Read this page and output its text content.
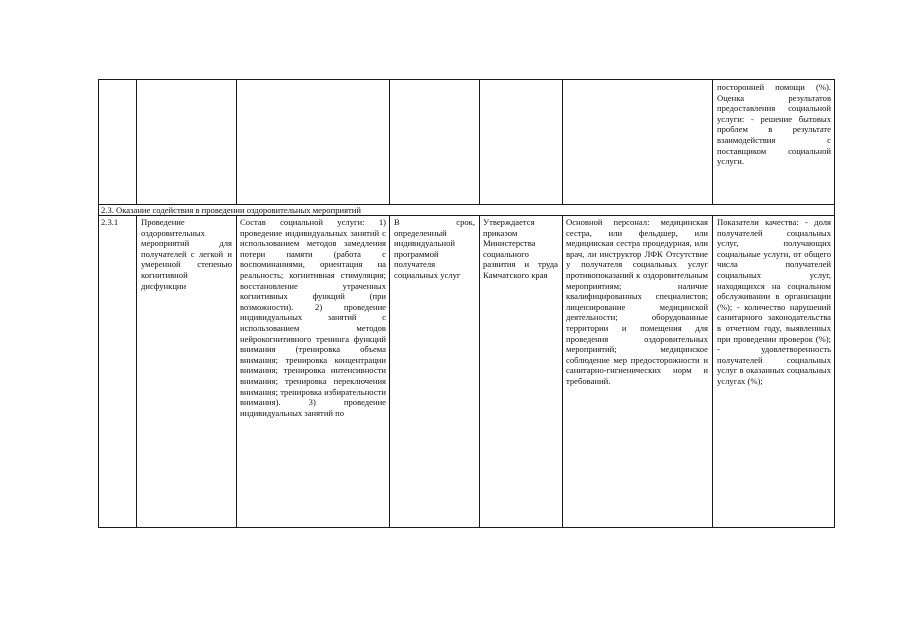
посторонней помощи (%). Оценка результатов предоставления социальной услуги: - решение бытовых проблем в результате взаимодействия с поставщиком социальной услуги.
2.3. Оказание содействия в проведении оздоровительных мероприятий
2.3.1	Проведение оздоровительных мероприятий для получателей с легкой и умеренной степенью когнитивной дисфункции
Состав социальной услуги: 1) проведение индивидуальных занятий с использованием методов замедления потери памяти (работа с воспоминаниями, ориентация на реальность; когнитивная стимуляция; восстановление утраченных когнитивных функций (при возможности). 2) проведение индивидуальных занятий с использованием методов нейрокогнитивного тренинга функций внимания (тренировка объема внимания; тренировка концентрации внимания; тренировка интенсивности внимания; тренировка переключения внимания; тренировка избирательности внимания). 3) проведение индивидуальных занятий по
В срок, определенный индивидуальной программой получателя социальных услуг
Утверждается приказом Министерства социального развития и труда Камчатского края
Основной персонал: медицинская сестра, или фельдшер, или медицинская сестра процедурная, или врач, ли инструктор ЛФК Отсутствие у получателя социальных услуг противопоказаний к оздоровительным мероприятиям; наличие квалифицированных специалистов; лицензирование медицинской деятельности; оборудованные территории и помещения для проведения оздоровительных мероприятий; медицинское соблюдение мер предосторожности и санитарно-гигиенических норм и требований.
Показатели качества: - доля получателей социальных услуг, получающих социальные услуги, от общего числа получателей социальных услуг, находящихся на социальном обслуживании в организации (%); - количество нарушений санитарного законодательства в отчетном году, выявленных при проведении проверок (%); - удовлетворенность получателей социальных услуг в оказанных социальных услугах (%);
